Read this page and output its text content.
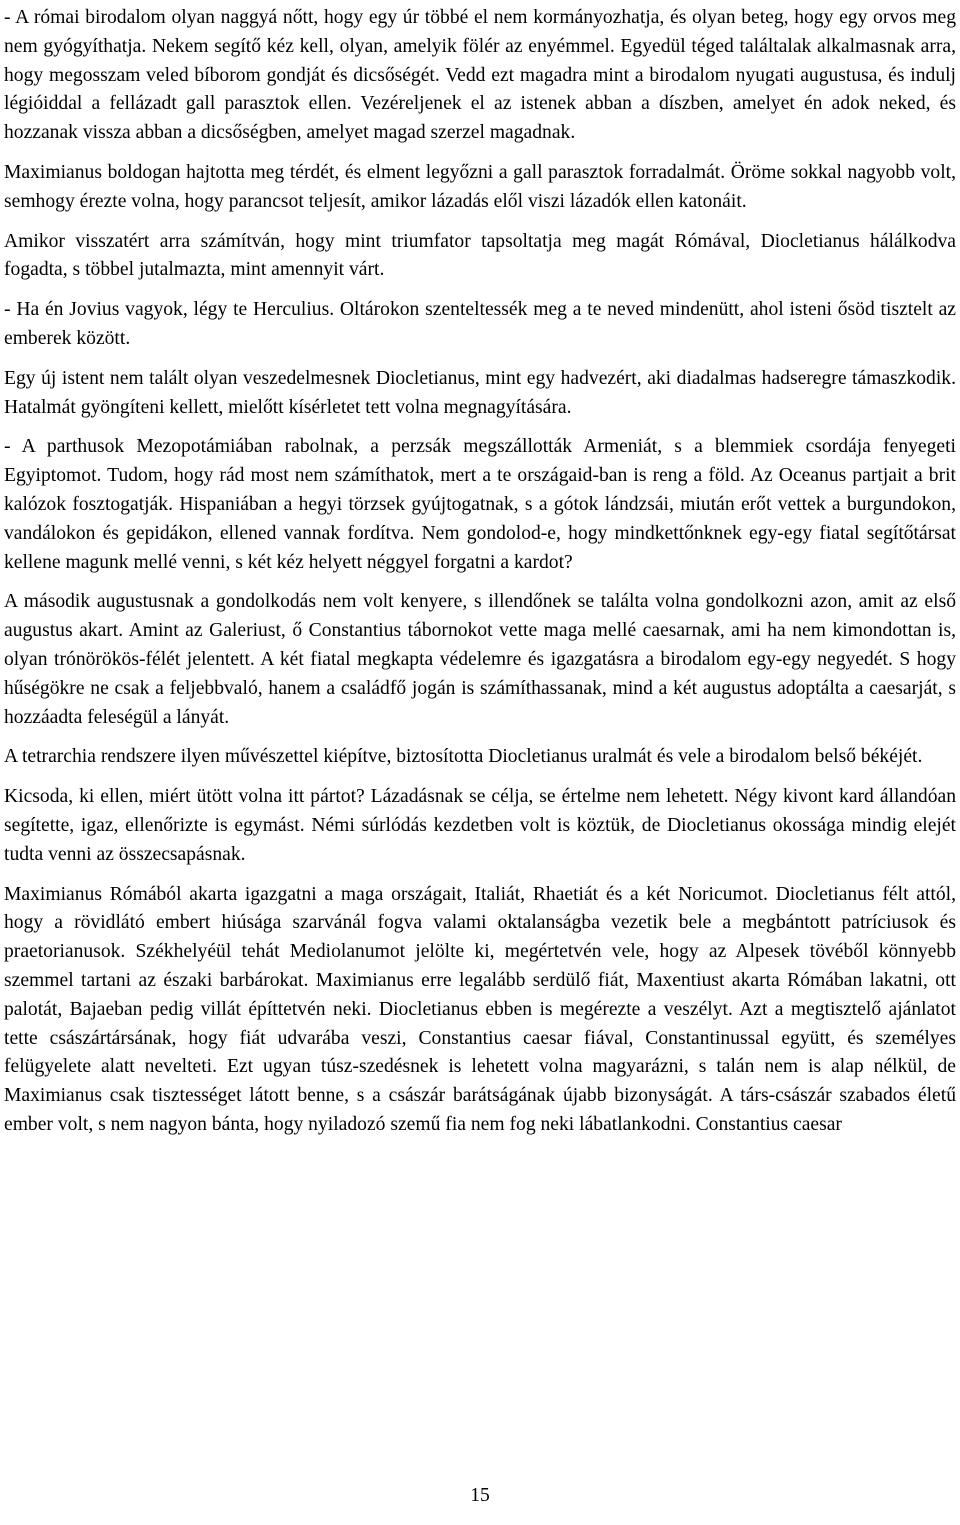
- A római birodalom olyan naggyá nőtt, hogy egy úr többé el nem kormányozhatja, és olyan beteg, hogy egy orvos meg nem gyógyíthatja. Nekem segítő kéz kell, olyan, amelyik fölér az enyémmel. Egyedül téged találtalak alkalmasnak arra, hogy megosszam veled bíborom gondját és dicsőségét. Vedd ezt magadra mint a birodalom nyugati augustusa, és indulj légióiddal a fellázadt gall parasztok ellen. Vezéreljenek el az istenek abban a díszben, amelyet én adok neked, és hozzanak vissza abban a dicsőségben, amelyet magad szerzel magadnak.

Maximianus boldogan hajtotta meg térdét, és elment legyőzni a gall parasztok forradalmát. Öröme sokkal nagyobb volt, semhogy érezte volna, hogy parancsot teljesít, amikor lázadás elől viszi lázadók ellen katonáit.

Amikor visszatért arra számítván, hogy mint triumfator tapsoltatja meg magát Rómával, Diocletianus hálálkodva fogadta, s többel jutalmazta, mint amennyit várt.

- Ha én Jovius vagyok, légy te Herculius. Oltárokon szenteltessék meg a te neved mindenütt, ahol isteni ősöd tisztelt az emberek között.

Egy új istent nem talált olyan veszedelmesnek Diocletianus, mint egy hadvezért, aki diadalmas hadseregre támaszkodik. Hatalmát gyöngíteni kellett, mielőtt kísérletet tett volna megnagyítására.

- A parthusok Mezopotámiában rabolnak, a perzsák megszállották Armeniát, s a blemmiek csordája fenyegeti Egyiptomot. Tudom, hogy rád most nem számíthatok, mert a te országaid-ban is reng a föld. Az Oceanus partjait a brit kalózok fosztogatják. Hispaniában a hegyi törzsek gyújtogatnak, s a gótok lándzsái, miután erőt vettek a burgundokon, vandálokon és gepidákon, ellened vannak fordítva. Nem gondolod-e, hogy mindkettőnknek egy-egy fiatal segítőtársat kellene magunk mellé venni, s két kéz helyett néggyel forgatni a kardot?

A második augustusnak a gondolkodás nem volt kenyere, s illendőnek se találta volna gondolkozni azon, amit az első augustus akart. Amint az Galeriust, ő Constantius tábornokot vette maga mellé caesarnak, ami ha nem kimondottan is, olyan trónörökös-félét jelentett. A két fiatal megkapta védelemre és igazgatásra a birodalom egy-egy negyedét. S hogy hűségökre ne csak a feljebbvaló, hanem a családfő jogán is számíthassanak, mind a két augustus adoptálta a caesarját, s hozzáadta feleségül a lányát.

A tetrarchia rendszere ilyen művészettel kiépítve, biztosította Diocletianus uralmát és vele a birodalom belső békéjét.

Kicsoda, ki ellen, miért ütött volna itt pártot? Lázadásnak se célja, se értelme nem lehetett. Négy kivont kard állandóan segítette, igaz, ellenőrizte is egymást. Némi súrlódás kezdetben volt is köztük, de Diocletianus okossága mindig elejét tudta venni az összecsapásnak.

Maximianus Rómából akarta igazgatni a maga országait, Italiát, Rhaetiát és a két Noricumot. Diocletianus félt attól, hogy a rövidlátó embert hiúsága szarvánál fogva valami oktalanságba vezetik bele a megbántott patríciusok és praetorianusok. Székhelyéül tehát Mediolanumot jelölte ki, megértetvén vele, hogy az Alpesek tövéből könnyebb szemmel tartani az északi barbárokat. Maximianus erre legalább serdülő fiát, Maxentiust akarta Rómában lakatni, ott palotát, Bajaeban pedig villát építtetvén neki. Diocletianus ebben is megérezte a veszélyt. Azt a megtisztelő ajánlatot tette császártársának, hogy fiát udvarába veszi, Constantius caesar fiával, Constantinussal együtt, és személyes felügyelete alatt nevelteti. Ezt ugyan túsz-szedésnek is lehetett volna magyarázni, s talán nem is alap nélkül, de Maximianus csak tisztességet látott benne, s a császár barátságának újabb bizonyságát. A társ-császár szabados életű ember volt, s nem nagyon bánta, hogy nyiladozó szemű fia nem fog neki lábatlankodni. Constantius caesar

15
